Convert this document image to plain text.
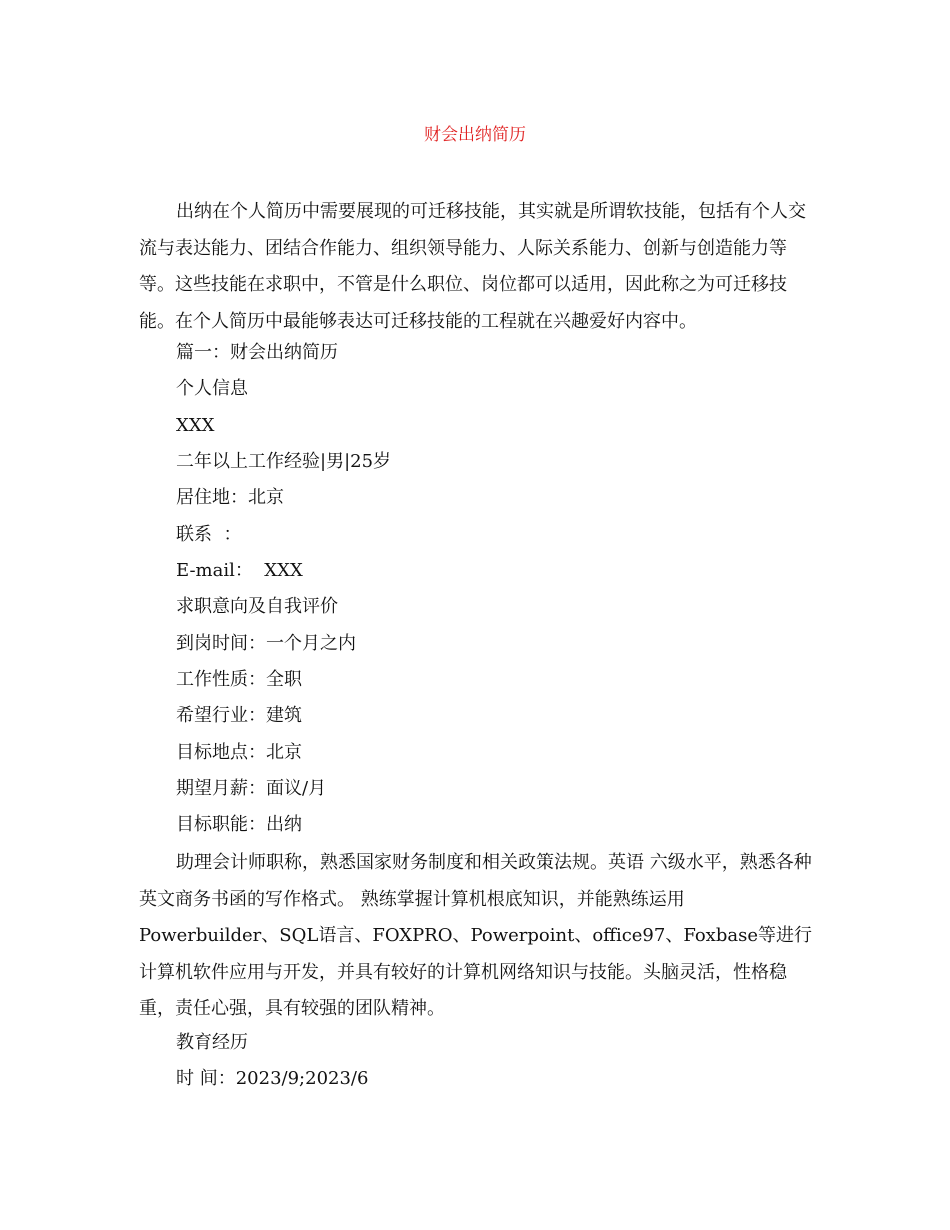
财会出纳简历

出纳在个人简历中需要展现的可迁移技能，其实就是所谓软技能，包括有个人交流与表达能力、团结合作能力、组织领导能力、人际关系能力、创新与创造能力等等。这些技能在求职中，不管是什么职位、岗位都可以适用，因此称之为可迁移技能。在个人简历中最能够表达可迁移技能的工程就在兴趣爱好内容中。

篇一：财会出纳简历

个人信息

XXX

二年以上工作经验|男|25岁

居住地：北京

联系  ：

E-mail：  XXX

求职意向及自我评价

到岗时间：一个月之内

工作性质：全职

希望行业：建筑

目标地点：北京

期望月薪：面议/月

目标职能：出纳

助理会计师职称，熟悉国家财务制度和相关政策法规。英语 六级水平，熟悉各种英文商务书函的写作格式。 熟练掌握计算机根底知识，并能熟练运用Powerbuilder、SQL语言、FOXPRO、Powerpoint、office97、Foxbase等进行计算机软件应用与开发，并具有较好的计算机网络知识与技能。头脑灵活，性格稳重，责任心强，具有较强的团队精神。

教育经历

时 间：2023/9;2023/6
